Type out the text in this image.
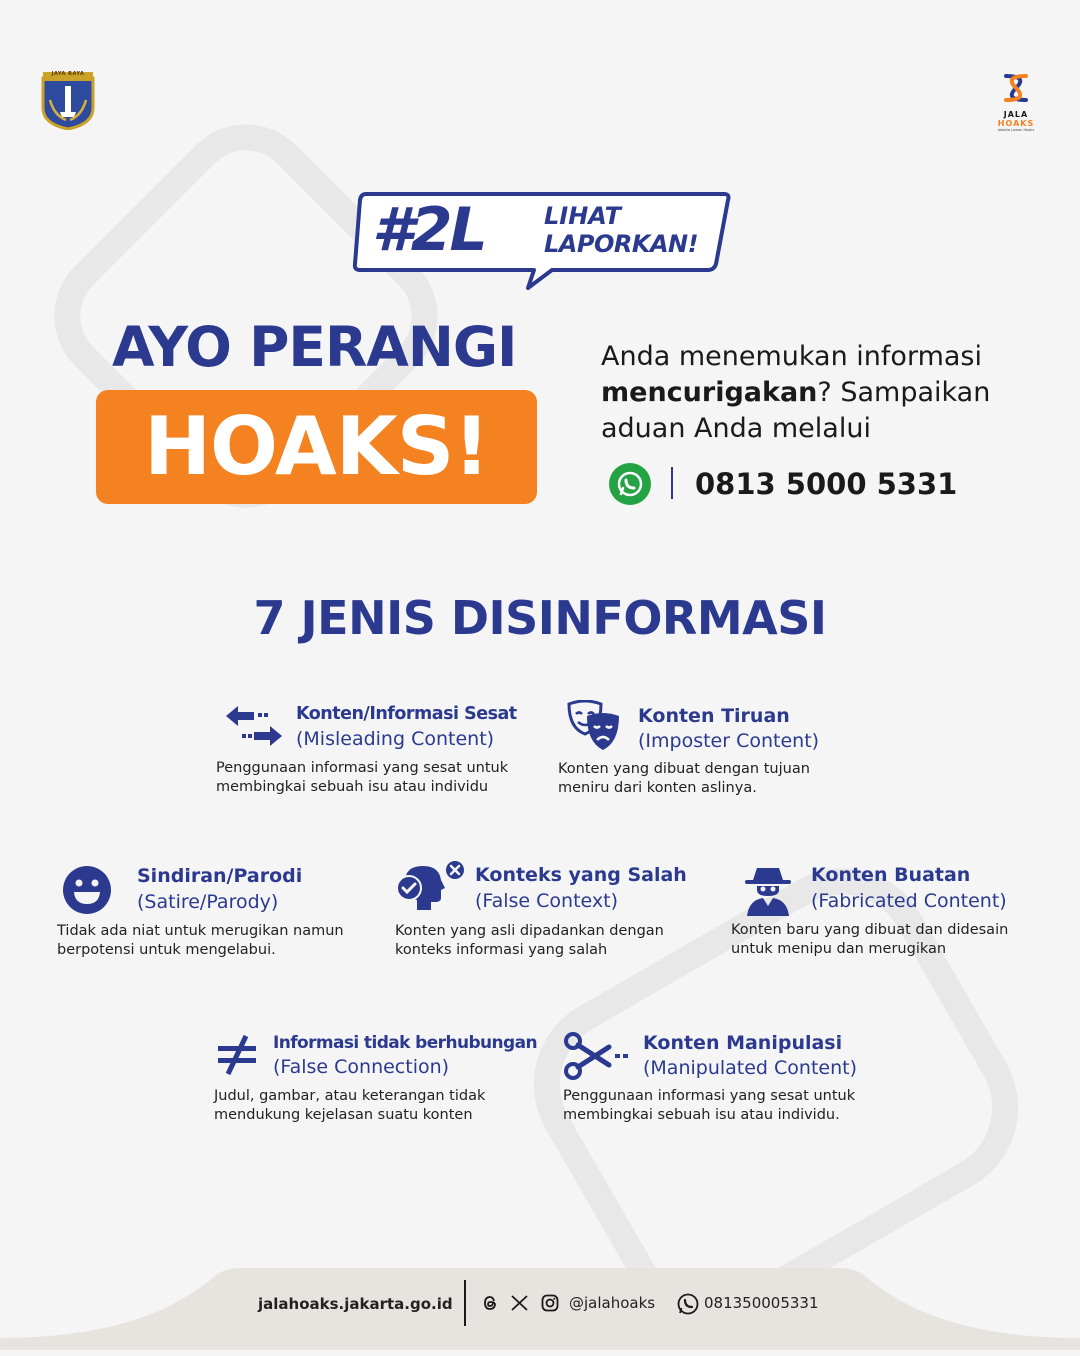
JAYA RAYA
JALA
HOAKS
Jakarta Lawan Hoaks
#2L LIHAT
LAPORKAN!
AYO PERANGI
HOAKS!
Anda menemukan informasi mencurigakan? Sampaikan aduan Anda melalui
0813 5000 5331
7 JENIS DISINFORMASI
Konten/Informasi Sesat
(Misleading Content)
Penggunaan informasi yang sesat untuk
membingkai sebuah isu atau individu
Konten Tiruan
(Imposter Content)
Konten yang dibuat dengan tujuan
meniru dari konten aslinya.
Sindiran/Parodi
(Satire/Parody)
Tidak ada niat untuk merugikan namun
berpotensi untuk mengelabui.
Konteks yang Salah
(False Context)
Konten yang asli dipadankan dengan
konteks informasi yang salah
Konten Buatan
(Fabricated Content)
Konten baru yang dibuat dan didesain
untuk menipu dan merugikan
Informasi tidak berhubungan
(False Connection)
Judul, gambar, atau keterangan tidak
mendukung kejelasan suatu konten
Konten Manipulasi
(Manipulated Content)
Penggunaan informasi yang sesat untuk
membingkai sebuah isu atau individu.
jalahoaks.jakarta.go.id	@jalahoaks	081350005331
